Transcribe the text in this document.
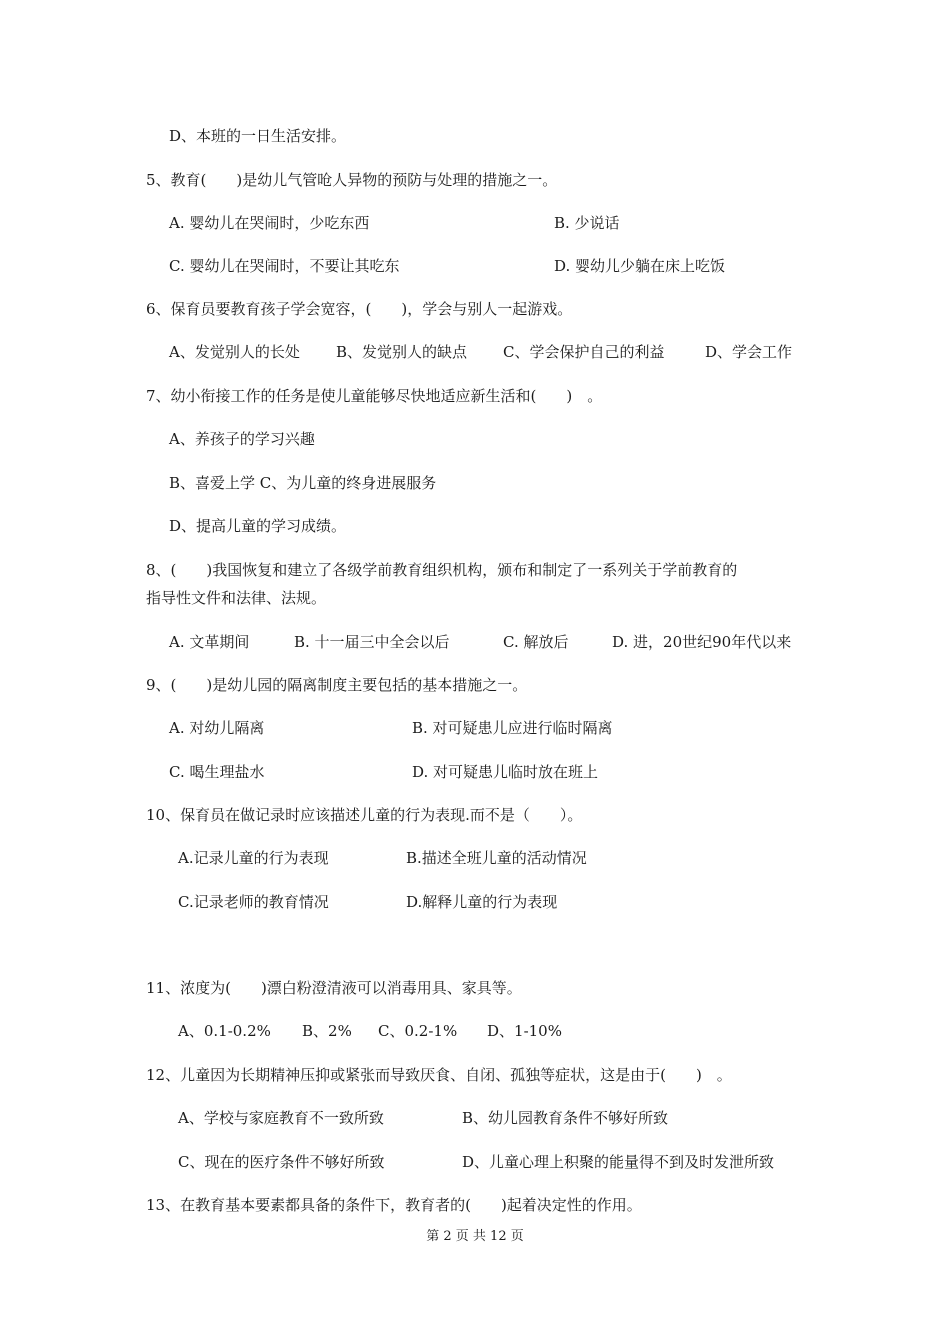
D、本班的一日生活安排。
5、教育(　　)是幼儿气管呛人异物的预防与处理的措施之一。
A. 婴幼儿在哭闹时，少吃东西	B. 少说话
C. 婴幼儿在哭闹时，不要让其吃东	D. 婴幼儿少躺在床上吃饭
6、保育员要教育孩子学会宽容，(　　)，学会与别人一起游戏。
A、发觉别人的长处 B、发觉别人的缺点 C、学会保护自己的利益	D、学会工作
7、幼小衔接工作的任务是使儿童能够尽快地适应新生活和(　　)　。
A、养孩子的学习兴趣
B、喜爱上学 C、为儿童的终身进展服务
D、提高儿童的学习成绩。
8、(　　)我国恢复和建立了各级学前教育组织机构，颁布和制定了一系列关于学前教育的
指导性文件和法律、法规。
A. 文革期间	B. 十一届三中全会以后	C. 解放后	D. 进，20世纪90年代以来
9、(　　)是幼儿园的隔离制度主要包括的基本措施之一。
A. 对幼儿隔离	B. 对可疑患儿应进行临时隔离
C. 喝生理盐水	D. 对可疑患儿临时放在班上
10、保育员在做记录时应该描述儿童的行为表现.而不是（　　）。
A.记录儿童的行为表现	B.描述全班儿童的活动情况
C.记录老师的教育情况	D.解释儿童的行为表现
11、浓度为(　　)漂白粉澄清液可以消毒用具、家具等。
A、0.1-0.2% B、2% C、0.2-1% D、1-10%
12、儿童因为长期精神压抑或紧张而导致厌食、自闭、孤独等症状，这是由于(　　)　。
A、学校与家庭教育不一致所致	B、幼儿园教育条件不够好所致
C、现在的医疗条件不够好所致	D、儿童心理上积聚的能量得不到及时发泄所致
13、在教育基本要素都具备的条件下，教育者的(　　)起着决定性的作用。
第 2 页 共 12 页
